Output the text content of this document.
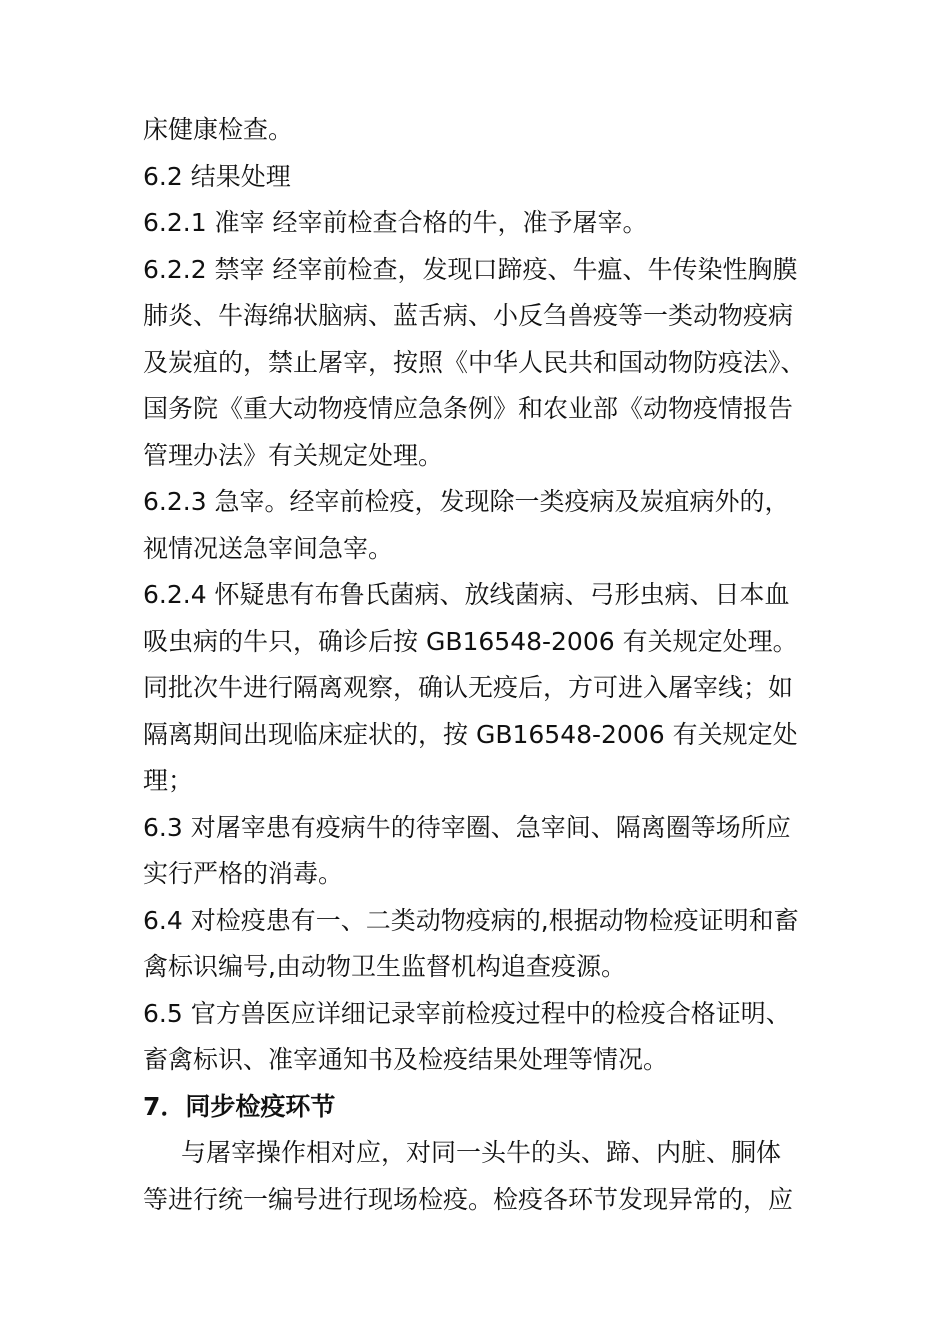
床健康检查。
6.2 结果处理
6.2.1 准宰 经宰前检查合格的牛，准予屠宰。
6.2.2 禁宰 经宰前检查，发现口蹄疫、牛瘟、牛传染性胸膜
肺炎、牛海绵状脑病、蓝舌病、小反刍兽疫等一类动物疫病
及炭疽的，禁止屠宰，按照《中华人民共和国动物防疫法》、
国务院《重大动物疫情应急条例》和农业部《动物疫情报告
管理办法》有关规定处理。
6.2.3 急宰。经宰前检疫，发现除一类疫病及炭疽病外的，
视情况送急宰间急宰。
6.2.4 怀疑患有布鲁氏菌病、放线菌病、弓形虫病、日本血
吸虫病的牛只，确诊后按 GB16548-2006 有关规定处理。
同批次牛进行隔离观察，确认无疫后，方可进入屠宰线；如
隔离期间出现临床症状的，按 GB16548-2006 有关规定处
理；
6.3 对屠宰患有疫病牛的待宰圈、急宰间、隔离圈等场所应
实行严格的消毒。
6.4 对检疫患有一、二类动物疫病的,根据动物检疫证明和畜
禽标识编号,由动物卫生监督机构追查疫源。
6.5 官方兽医应详细记录宰前检疫过程中的检疫合格证明、
畜禽标识、准宰通知书及检疫结果处理等情况。
7．同步检疫环节
与屠宰操作相对应，对同一头牛的头、蹄、内脏、胴体
等进行统一编号进行现场检疫。检疫各环节发现异常的，应
